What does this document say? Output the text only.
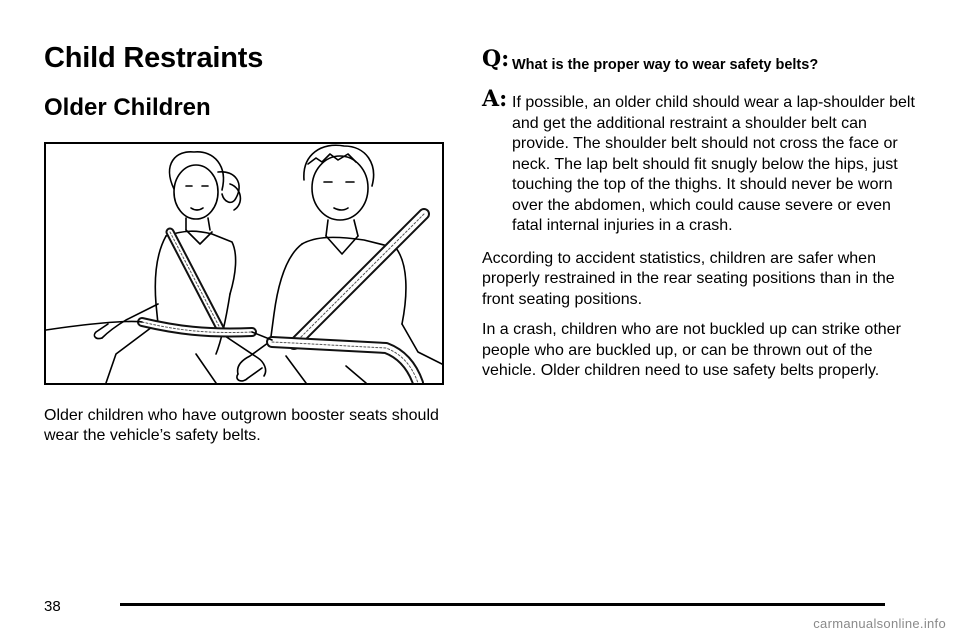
Child Restraints
Older Children

Older children who have outgrown booster seats should wear the vehicle’s safety belts.

Q: What is the proper way to wear safety belts?
A: If possible, an older child should wear a lap-shoulder belt and get the additional restraint a shoulder belt can provide. The shoulder belt should not cross the face or neck. The lap belt should fit snugly below the hips, just touching the top of the thighs. It should never be worn over the abdomen, which could cause severe or even fatal internal injuries in a crash.

According to accident statistics, children are safer when properly restrained in the rear seating positions than in the front seating positions.

In a crash, children who are not buckled up can strike other people who are buckled up, or can be thrown out of the vehicle. Older children need to use safety belts properly.

38
carmanualsonline.info
